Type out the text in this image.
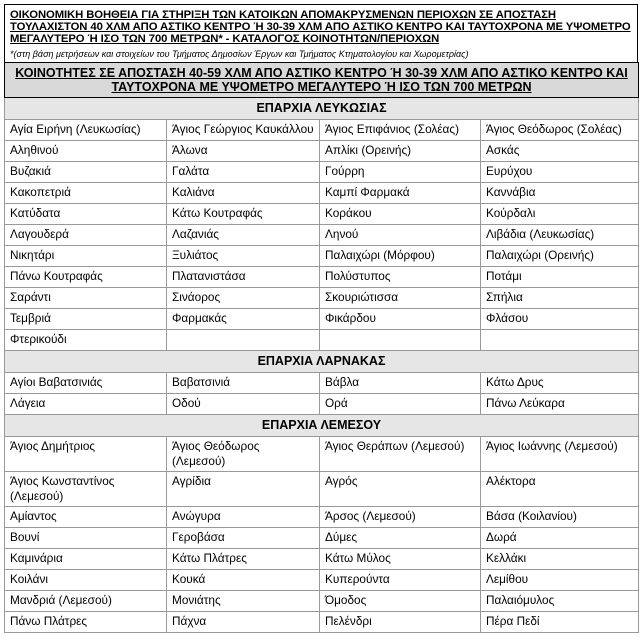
ΟΙΚΟΝΟΜΙΚΗ ΒΟΗΘΕΙΑ ΓΙΑ ΣΤΗΡΙΞΗ ΤΩΝ ΚΑΤΟΙΚΩΝ ΑΠΟΜΑΚΡΥΣΜΕΝΩΝ ΠΕΡΙΟΧΩΝ ΣΕ ΑΠΟΣΤΑΣΗ ΤΟΥΛΑΧΙΣΤΟΝ 40 ΧΛΜ ΑΠΟ ΑΣΤΙΚΟ ΚΕΝΤΡΟ Ή 30-39 ΧΛΜ ΑΠΟ ΑΣΤΙΚΟ ΚΕΝΤΡΟ ΚΑΙ ΤΑΥΤΟΧΡΟΝΑ ΜΕ ΥΨΟΜΕΤΡΟ ΜΕΓΑΛΥΤΕΡΟ Ή ΙΣΟ ΤΩΝ 700 ΜΕΤΡΩΝ* - ΚΑΤΑΛΟΓΟΣ ΚΟΙΝΟΤΗΤΩΝ/ΠΕΡΙΟΧΩΝ
*(στη βάση μετρήσεων και στοιχείων του Τμήματος Δημοσίων Έργων και Τμήματος Κτηματολογίου και Χωρομετρίας)
ΚΟΙΝΟΤΗΤΕΣ ΣΕ ΑΠΟΣΤΑΣΗ 40-59 ΧΛΜ ΑΠΟ ΑΣΤΙΚΟ ΚΕΝΤΡΟ Ή 30-39 ΧΛΜ ΑΠΟ ΑΣΤΙΚΟ ΚΕΝΤΡΟ ΚΑΙ ΤΑΥΤΟΧΡΟΝΑ ΜΕ ΥΨΟΜΕΤΡΟ ΜΕΓΑΛΥΤΕΡΟ Ή ΙΣΟ ΤΩΝ 700 ΜΕΤΡΩΝ			
ΕΠΑΡΧΙΑ ΛΕΥΚΩΣΙΑΣ			
Αγία Ειρήνη (Λευκωσίας)	Άγιος Γεώργιος Καυκάλλου	Άγιος Επιφάνιος (Σολέας)	Άγιος Θεόδωρος (Σολέας)
Αληθινού	Άλωνα	Απλίκι (Ορεινής)	Ασκάς
Βυζακιά	Γαλάτα	Γούρρη	Ευρύχου
Κακοπετριά	Καλιάνα	Καμπί Φαρμακά	Καννάβια
Κατύδατα	Κάτω Κουτραφάς	Κοράκου	Κούρδαλι
Λαγουδερά	Λαζανιάς	Ληνού	Λιβάδια (Λευκωσίας)
Νικητάρι	Ξυλιάτος	Παλαιχώρι (Μόρφου)	Παλαιχώρι (Ορεινής)
Πάνω Κουτραφάς	Πλατανιστάσα	Πολύστυπος	Ποτάμι
Σαράντι	Σινάορος	Σκουριώτισσα	Σπήλια
Τεμβριά	Φαρμακάς	Φικάρδου	Φλάσου
Φτερικούδι			
ΕΠΑΡΧΙΑ ΛΑΡΝΑΚΑΣ			
Αγίοι Βαβατσινιάς	Βαβατσινιά	Βάβλα	Κάτω Δρυς
Λάγεια	Οδού	Ορά	Πάνω Λεύκαρα
ΕΠΑΡΧΙΑ ΛΕΜΕΣΟΥ			
Άγιος Δημήτριος	Άγιος Θεόδωρος (Λεμεσού)	Άγιος Θεράπων (Λεμεσού)	Άγιος Ιωάννης (Λεμεσού)
Άγιος Κωνσταντίνος (Λεμεσού)	Αγρίδια	Αγρός	Αλέκτορα
Αμίαντος	Ανώγυρα	Άρσος (Λεμεσού)	Βάσα (Κοιλανίου)
Βουνί	Γεροβάσα	Δύμες	Δωρά
Καμινάρια	Κάτω Πλάτρες	Κάτω Μύλος	Κελλάκι
Κοιλάνι	Κουκά	Κυπερούντα	Λεμίθου
Μανδριά (Λεμεσού)	Μονιάτης	Όμοδος	Παλαιόμυλος
Πάνω Πλάτρες	Πάχνα	Πελένδρι	Πέρα Πεδί
